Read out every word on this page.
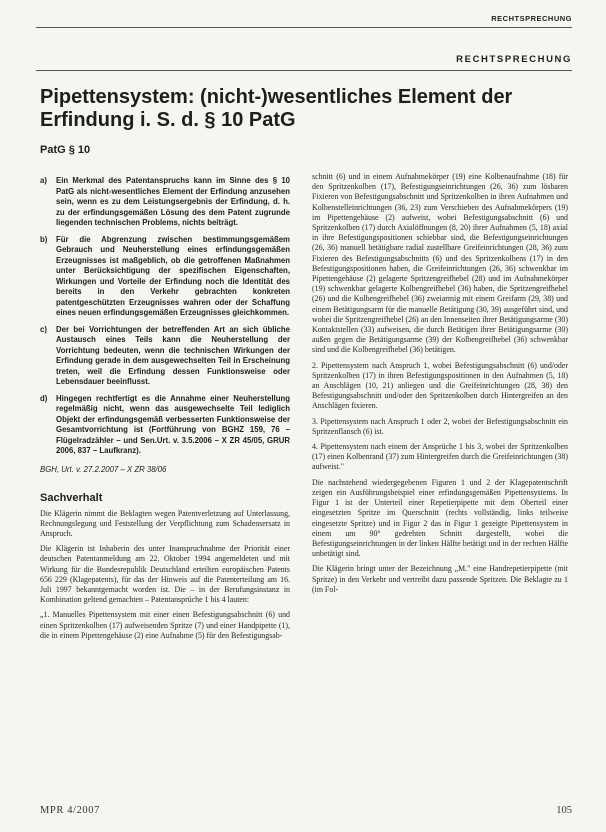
RECHTSPRECHUNG
RECHTSPRECHUNG
Pipettensystem: (nicht-)wesentliches Element der Erfindung i. S. d. § 10 PatG
PatG § 10
a)	Ein Merkmal des Patentanspruchs kann im Sinne des § 10 PatG als nicht-wesentliches Element der Erfindung anzusehen sein, wenn es zu dem Leistungsergebnis der Erfindung, d. h. zu der erfindungsgemäßen Lösung des dem Patent zugrunde liegenden technischen Problems, nichts beiträgt.
b)	Für die Abgrenzung zwischen bestimmungsgemäßem Gebrauch und Neuherstellung eines erfindungsgemäßen Erzeugnisses ist maßgeblich, ob die getroffenen Maßnahmen unter Berücksichtigung der spezifischen Eigenschaften, Wirkungen und Vorteile der Erfindung noch die Identität des bereits in den Verkehr gebrachten konkreten patentgeschützten Erzeugnisses wahren oder der Schaffung eines neuen erfindungsgemäßen Erzeugnisses gleichkommen.
c)	Der bei Vorrichtungen der betreffenden Art an sich übliche Austausch eines Teils kann die Neuherstellung der Vorrichtung bedeuten, wenn die technischen Wirkungen der Erfindung gerade in dem ausgewechselten Teil in Erscheinung treten, weil die Erfindung dessen Funktionsweise oder Lebensdauer beeinflusst.
d)	Hingegen rechtfertigt es die Annahme einer Neuherstellung regelmäßig nicht, wenn das ausgewechselte Teil lediglich Objekt der erfindungsgemäß verbesserten Funktionsweise der Gesamtvorrichtung ist (Fortführung von BGHZ 159, 76 – Flügelradzähler – und Sen.Urt. v. 3.5.2006 – X ZR 45/05, GRUR 2006, 837 – Laufkranz).

BGH, Urt. v. 27.2.2007 – X ZR 38/06

Sachverhalt

Die Klägerin nimmt die Beklagten wegen Patentverletzung auf Unterlassung, Rechnungslegung und Feststellung der Verpflichtung zum Schadensersatz in Anspruch.

Die Klägerin ist Inhaberin des unter Inanspruchnahme der Priorität einer deutschen Patentanmeldung am 22. Oktober 1994 angemeldeten und mit Wirkung für die Bundesrepublik Deutschland erteilten europäischen Patents 656 229 (Klagepatents), für das der Hinweis auf die Patenterteilung am 16. Juli 1997 bekanntgemacht worden ist. Die – in der Berufungsinstanz in Kombination geltend gemachten – Patentansprüche 1 bis 4 lauten:

„1. Manuelles Pipettensystem mit einer einen Befestigungsabschnitt (6) und einen Spritzenkolben (17) aufweisenden Spritze (7) und einer Handpipette (1), die in einem Pipettengehäuse (2) eine Aufnahme (5) für den Befestigungsab-

schnitt (6) und in einem Aufnahmekörper (19) eine Kolbenaufnahme (18) für den Spritzenkolben (17), Befestigungseinrichtungen (26, 36) zum lösbaren Fixieren von Befestigungsabschnitt und Spritzenkolben in ihren Aufnahmen und Kolbenstelleinrichtungen (36, 23) zum Verschieben des Aufnahmekörpers (19) im Pipettengehäuse (2) aufweist, wobei Befestigungsabschnitt (6) und Spritzenkolben (17) durch Axialöffnungen (8, 20) ihrer Aufnahmen (5, 18) axial in ihre Befestigungspositionen schiebbar sind, die Befestigungseinrichtungen (26, 36) manuell betätigbare radial zustellbare Greifeinrichtungen (28, 36) zum Fixieren des Befestigungsabschnitts (6) und des Spritzenkolbens (17) in den Befestigungspositionen haben, die Greifeinrichtungen (26, 36) schwenkbar im Pipettengehäuse (2) gelagerte Spritzengreifhebel (28) und im Aufnahmekörper (19) schwenkbar gelagerte Kolbengreifhebel (36) haben, die Spritzengreifhebel (26) und die Kolbengreifhebel (36) zweiarmig mit einem Greifarm (29, 38) und einem Betätigungsarm für die manuelle Betätigung (30, 39) ausgeführt sind, und wobei die Spritzengreifhebel (26) an den Innenseiten ihrer Betätigungsarme (30) Kontaktstellen (33) aufweisen, die durch Betätigen ihrer Betätigungsarme (30) außen gegen die Betätigungsarme (39) der Kolbengreifhebel (36) schwenkbar sind und die Kolbengreifhebel (36) betätigen.

2. Pipettensystem nach Anspruch 1, wobei Befestigungsabschnitt (6) und/oder Spritzenkolben (17) in ihren Befestigungspositionen in den Aufnahmen (5, 18) an Anschlägen (10, 21) anliegen und die Greifeinrichtungen (28, 38) den Befestigungsabschnitt und/oder den Spritzenkolben durch Hintergreifen an den Anschlägen fixieren.

3. Pipettensystem nach Anspruch 1 oder 2, wobei der Befestigungsabschnitt ein Spritzenflansch (6) ist.

4. Pipettensystem nach einem der Ansprüche 1 bis 3, wobei der Spritzenkolben (17) einen Kolbenrand (37) zum Hintergreifen durch die Greifeinrichtungen (38) aufweist."

Die nachstehend wiedergegebenen Figuren 1 und 2 der Klagepatentschrift zeigen ein Ausführungsbeispiel einer erfindungsgemäßen Pipettensystems. In Figur 1 ist der Unterteil einer Repetierpipette mit dem Oberteil einer eingesetzten Spritze im Querschnitt (rechts vollständig, links teilweise eingesetzte Spritze) und in Figur 2 das in Figur 1 gezeigte Pipettensystem in einem um 90° gedrehten Schnitt dargestellt, wobei die Befestigungseinrichtungen in der linken Hälfte betätigt und in der rechten Hälfte unbetätigt sind.

Die Klägerin bringt unter der Bezeichnung „M." eine Handrepetierpipette (mit Spritze) in den Verkehr und vertreibt dazu passende Spritzen. Die Beklagte zu 1 (im Fol-

MPR 4/2007	105
